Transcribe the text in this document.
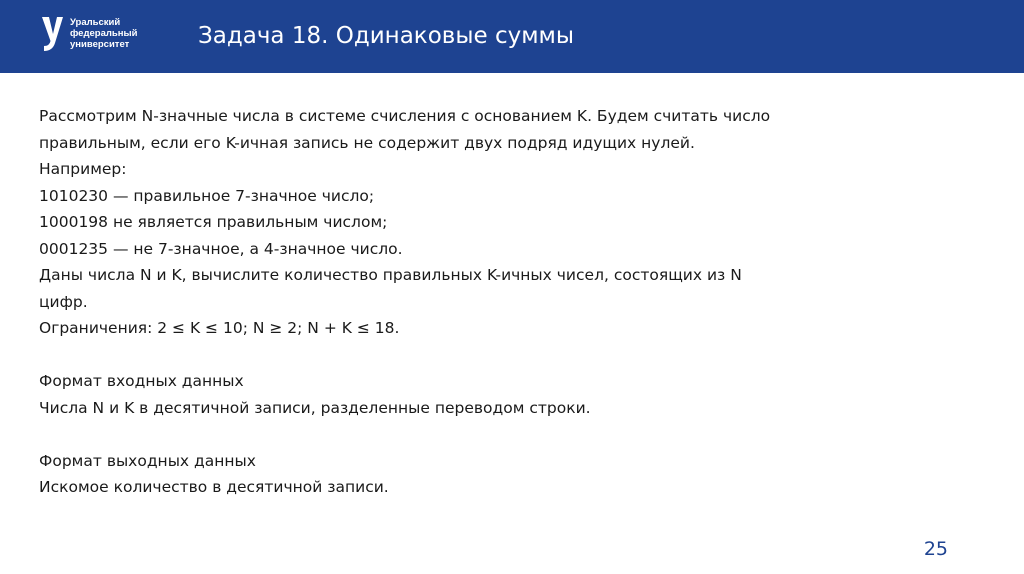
Уральский
федеральный
университет	Задача 18. Одинаковые суммы
Рассмотрим N-значные числа в системе счисления с основанием K. Будем считать число
правильным, если его K-ичная запись не содержит двух подряд идущих нулей.
Например:
1010230 — правильное 7-значное число;
1000198 не является правильным числом;
0001235 — не 7-значное, а 4-значное число.
Даны числа N и K, вычислите количество правильных K-ичных чисел, состоящих из N
цифр.
Ограничения: 2 ≤ K ≤ 10; N ≥ 2; N + K ≤ 18.
Формат входных данных
Числа N и K в десятичной записи, разделенные переводом строки.
Формат выходных данных
Искомое количество в десятичной записи.
25
